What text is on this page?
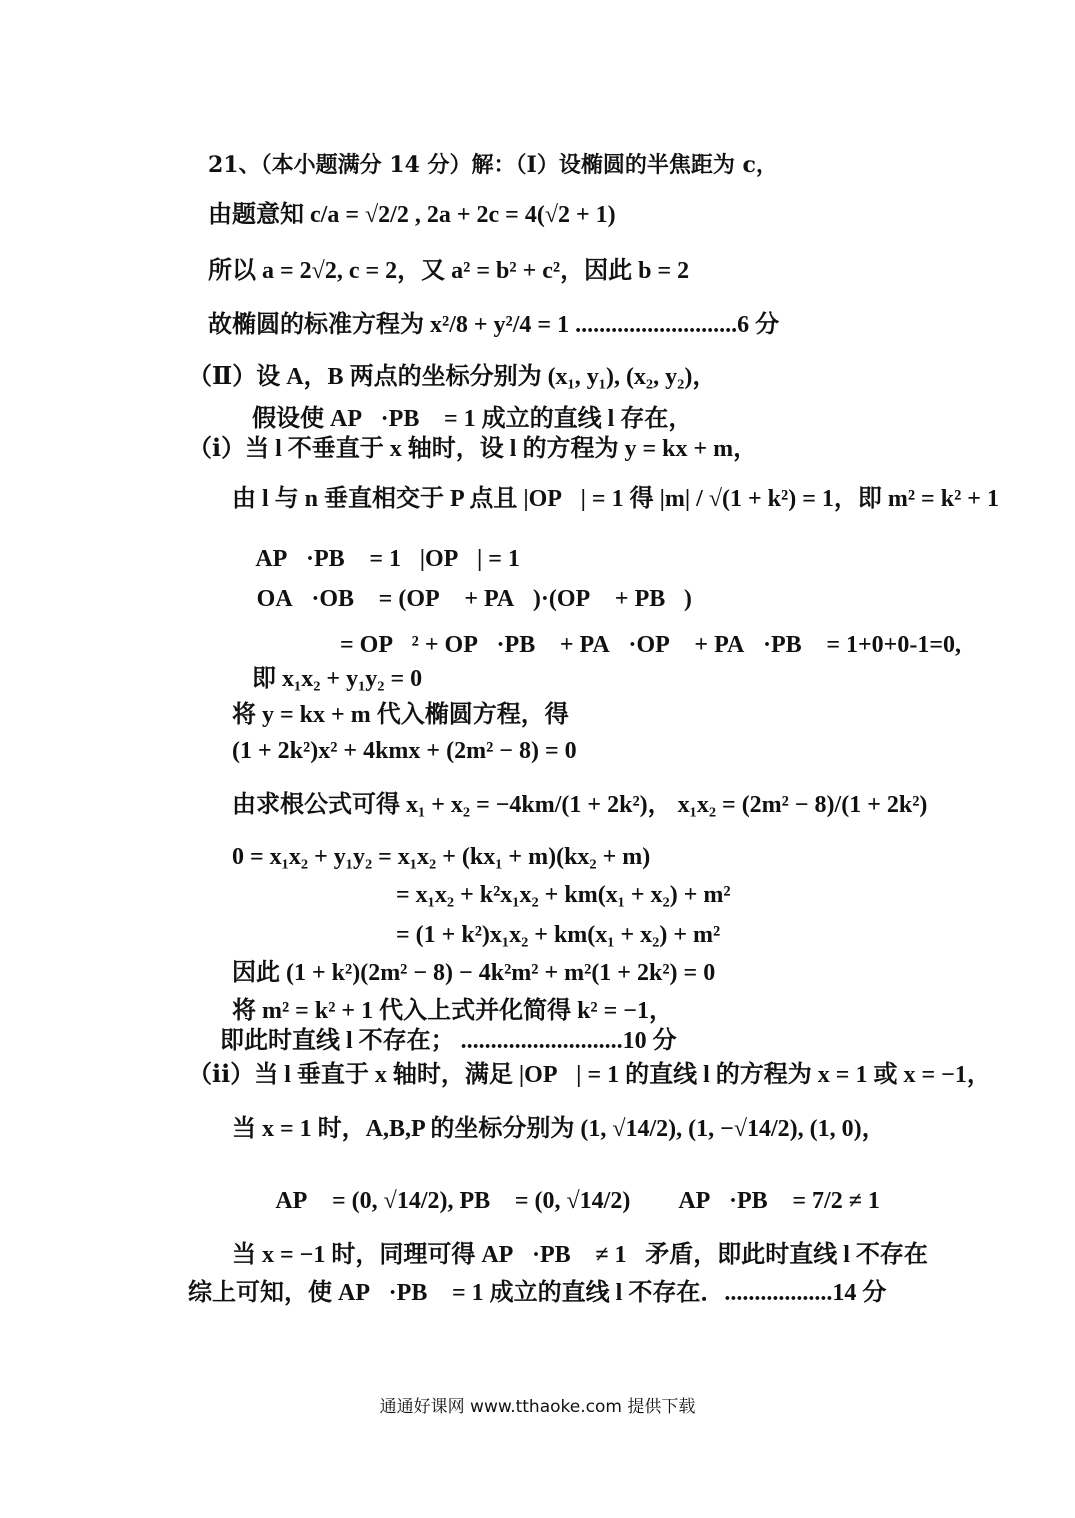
21、（本小题满分 14 分）解：（Ⅰ）设椭圆的半焦距为 c，
由题意知 c/a = √2/2 , 2a + 2c = 4(√2 + 1)
所以 a = 2√2, c = 2，又 a² = b² + c²，因此 b = 2
故椭圆的标准方程为 x²/8 + y²/4 = 1 ...........................6 分
（Ⅱ）设 A，B 两点的坐标分别为 (x₁, y₁), (x₂, y₂)，
假设使 AP⃗·PB⃗ = 1 成立的直线 l 存在，
（ⅰ）当 l 不垂直于 x 轴时，设 l 的方程为 y = kx + m，
由 l 与 n 垂直相交于 P 点且 |OP⃗| = 1 得 |m| / √(1 + k²) = 1，即 m² = k² + 1
∵ AP⃗·PB⃗ = 1，|OP⃗| = 1，
∴ OA⃗·OB⃗ = (OP⃗ + PA⃗)·(OP⃗ + PB⃗)
= OP⃗² + OP⃗·PB⃗ + PA⃗·OP⃗ + PA⃗·PB⃗ = 1+0+0-1=0,
即 x₁x₂ + y₁y₂ = 0
将 y = kx + m 代入椭圆方程，得
(1 + 2k²)x² + 4kmx + (2m² − 8) = 0
由求根公式可得 x₁ + x₂ = −4km/(1 + 2k²)， x₁x₂ = (2m² − 8)/(1 + 2k²)
0 = x₁x₂ + y₁y₂ = x₁x₂ + (kx₁ + m)(kx₂ + m)
= x₁x₂ + k²x₁x₂ + km(x₁ + x₂) + m²
= (1 + k²)x₁x₂ + km(x₁ + x₂) + m²
因此 (1 + k²)(2m² − 8) − 4k²m² + m²(1 + 2k²) = 0
将 m² = k² + 1 代入上式并化简得 k² = −1，
即此时直线 l 不存在； ...........................10 分
（ⅱ）当 l 垂直于 x 轴时，满足 |OP⃗| = 1 的直线 l 的方程为 x = 1 或 x = −1，
当 x = 1 时，A,B,P 的坐标分别为 (1, √14/2), (1, −√14/2), (1, 0)，
∴ AP⃗ = (0, √14/2), PB⃗ = (0, √14/2)， ∴ AP⃗·PB⃗ = 7/2 ≠ 1
当 x = −1 时，同理可得 AP⃗·PB⃗ ≠ 1，矛盾，即此时直线 l 不存在
综上可知，使 AP⃗·PB⃗ = 1 成立的直线 l 不存在．..................14 分
通通好课网 www.tthaoke.com 提供下载
